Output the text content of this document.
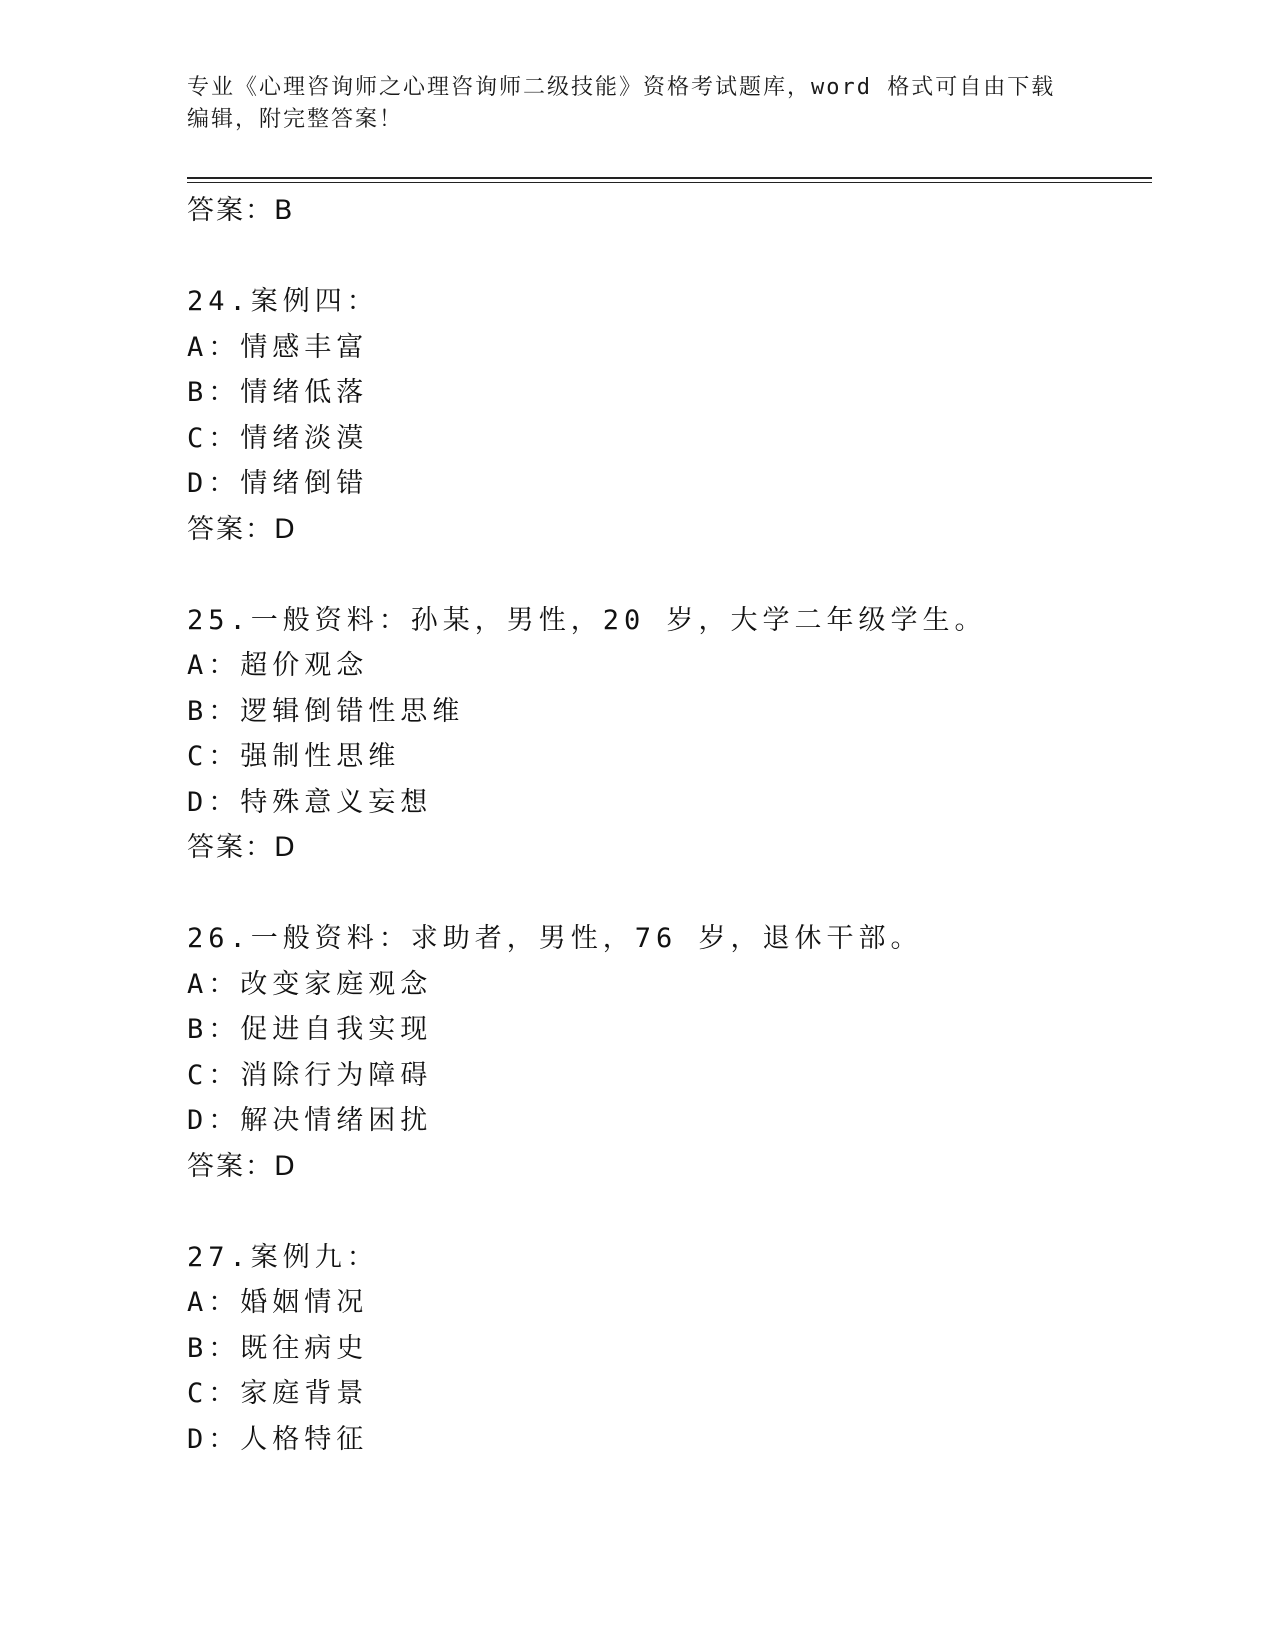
专业《心理咨询师之心理咨询师二级技能》资格考试题库，word 格式可自由下载
编辑，附完整答案！
答案：B
24.案例四：
A：情感丰富
B：情绪低落
C：情绪淡漠
D：情绪倒错
答案：D
25.一般资料：孙某，男性，20 岁，大学二年级学生。
A：超价观念
B：逻辑倒错性思维
C：强制性思维
D：特殊意义妄想
答案：D
26.一般资料：求助者，男性，76 岁，退休干部。
A：改变家庭观念
B：促进自我实现
C：消除行为障碍
D：解决情绪困扰
答案：D
27.案例九：
A：婚姻情况
B：既往病史
C：家庭背景
D：人格特征
